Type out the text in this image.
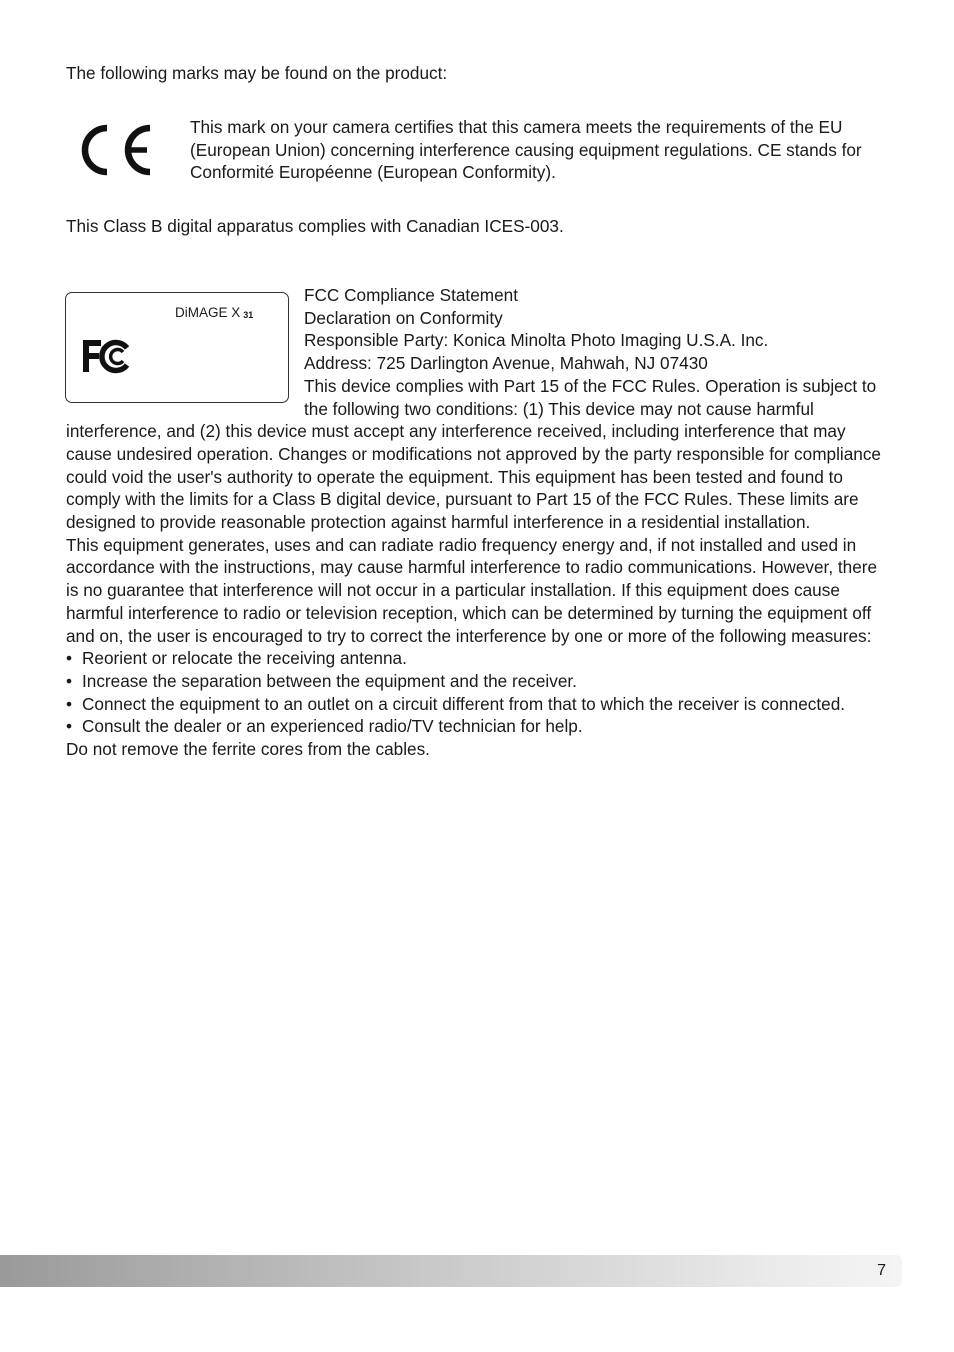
The following marks may be found on the product:
This mark on your camera certifies that this camera meets the requirements of the EU (European Union) concerning interference causing equipment regulations. CE stands for Conformité Européenne (European Conformity).
This Class B digital apparatus complies with Canadian ICES-003.
DiMAGE X 31
FCC Compliance Statement
Declaration on Conformity
Responsible Party: Konica Minolta Photo Imaging U.S.A. Inc.
Address: 725 Darlington Avenue, Mahwah, NJ 07430

This device complies with Part 15 of the FCC Rules. Operation is subject to the following two conditions: (1) This device may not cause harmful interference, and (2) this device must accept any interference received, including interference that may cause undesired operation. Changes or modifications not approved by the party responsible for compliance could void the user's authority to operate the equipment. This equipment has been tested and found to comply with the limits for a Class B digital device, pursuant to Part 15 of the FCC Rules. These limits are designed to provide reasonable protection against harmful interference in a residential installation.

This equipment generates, uses and can radiate radio frequency energy and, if not installed and used in accordance with the instructions, may cause harmful interference to radio communications. However, there is no guarantee that interference will not occur in a particular installation. If this equipment does cause harmful interference to radio or television reception, which can be determined by turning the equipment off and on, the user is encouraged to try to correct the interference by one or more of the following measures:

• Reorient or relocate the receiving antenna.
• Increase the separation between the equipment and the receiver.
• Connect the equipment to an outlet on a circuit different from that to which the receiver is connected.
• Consult the dealer or an experienced radio/TV technician for help.
Do not remove the ferrite cores from the cables.
7
